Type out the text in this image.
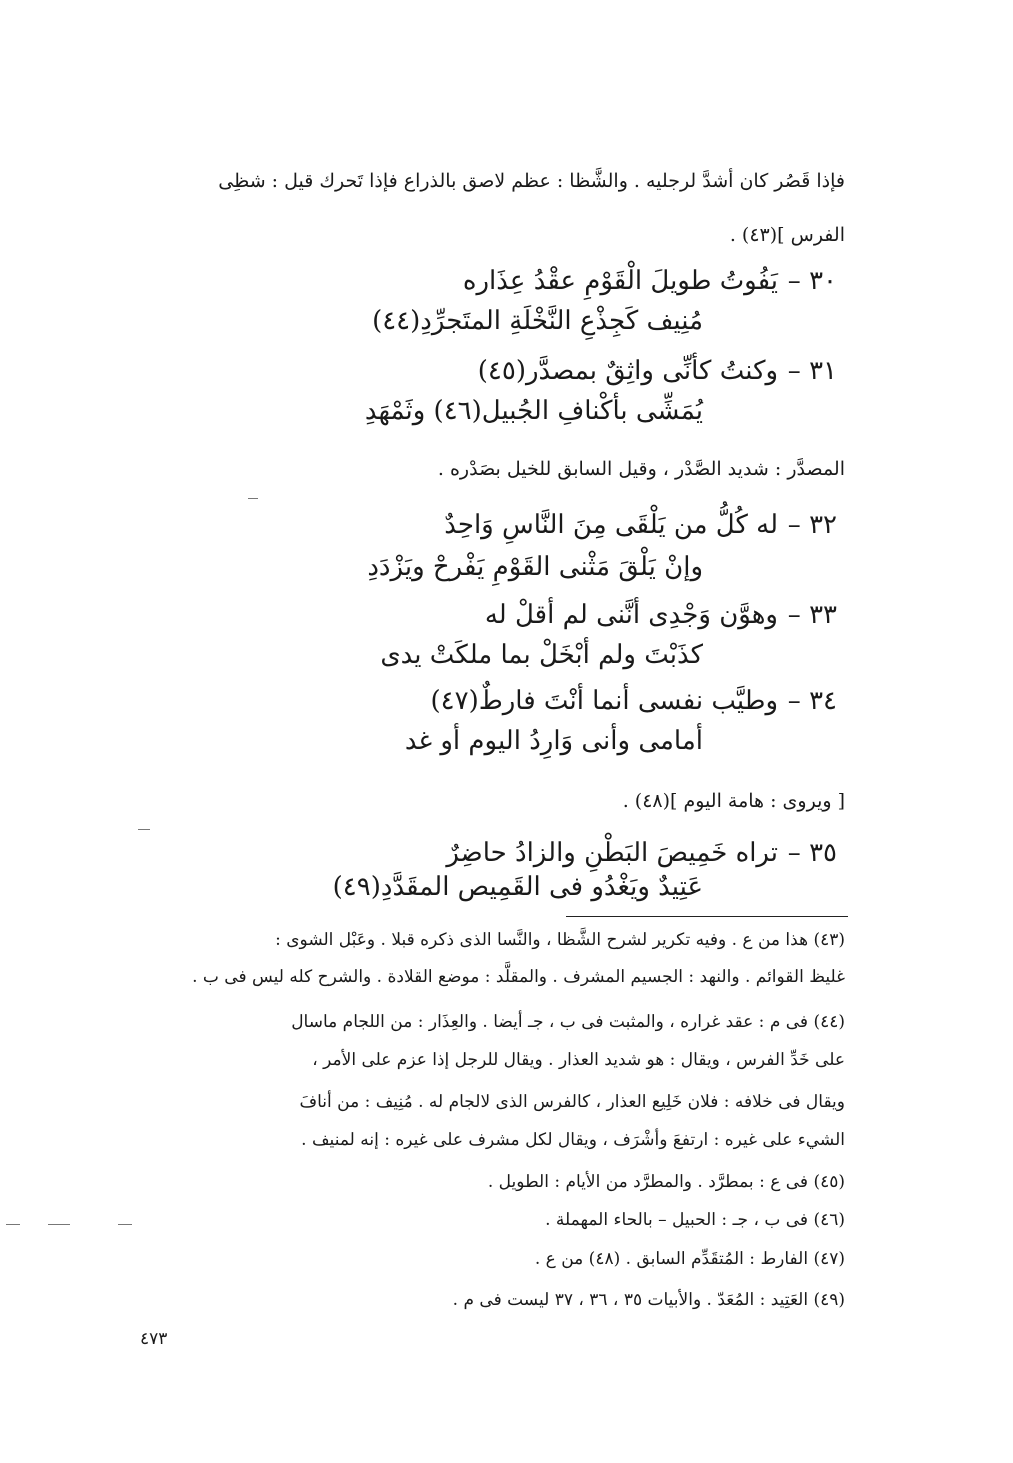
فإذا قَصُر كان أشدَّ لرجليه . والشَّظا : عظم لاصق بالذراع فإذا تَحرك قيل : شظِى
الفرس ](٤٣) .
٣٠ –
يَفُوتُ طويلَ الْقَوْمِ عقْدُ عِذَاره
مُنِيف كَجِذْعِ النَّخْلَةِ المتَجرِّدِ(٤٤)
٣١ –
وكنتُ كأنِّى واثِقٌ بمصدَّر(٤٥)
يُمَشِّى بأكْنافِ الجُبيل(٤٦) وثَمْهَدِ
المصدَّر : شديد الصَّدْر ، وقيل السابق للخيل بصَدْره .
٣٢ –
له كُلُّ من يَلْقَى مِنَ النَّاسِ وَاحِدٌ
وإنْ يَلْقَ مَثْنى القَوْمِ يَفْرحْ ويَزْدَدِ
٣٣ –
وهوَّن وَجْدِى أنَّنى لم أقلْ له
كذَبْتَ ولم أبْخَلْ بما ملكَتْ يدى
٣٤ –
وطيَّب نفسى أنما أنْتَ فارطٌ(٤٧)
أمامى وأنى وَارِدُ اليوم أو غد
[ ويروى : هامة اليوم ](٤٨) .
٣٥ –
تراه خَمِيصَ البَطْنِ والزادُ حاضِرٌ
عَتِيدٌ ويَغْدُو فى القَمِيص المقَدَّدِ(٤٩)
(٤٣) هذا من ع . وفيه تكرير لشرح الشَّظا ، والنَّسا الذى ذكره قبلا . وعَبْل الشوى :
غليظ القوائم . والنهد : الجسيم المشرف . والمقلَّد : موضع القلادة . والشرح كله ليس فى ب .
(٤٤) فى م : عقد غراره ، والمثبت فى ب ، جـ أيضا . والعِذَار : من اللجام ماسال
على خَدِّ الفرس ، ويقال : هو شديد العذار . ويقال للرجل إذا عزم على الأمر ،
ويقال فى خلافه : فلان خَلِيع العذار ، كالفرس الذى لالجام له . مُنِيف : من أنافَ
الشيء على غيره : ارتفعَ وأشْرَف ، ويقال لكل مشرف على غيره : إنه لمنيف .
(٤٥) فى ع : بمطرَّد . والمطرَّد من الأيام : الطويل .
(٤٦) فى ب ، جـ : الحبيل – بالحاء المهملة .
(٤٧) الفارط : المُتقَدِّم السابق . (٤٨) من ع .
(٤٩) العَتِيد : المُعَدّ . والأبيات ٣٥ ، ٣٦ ، ٣٧ ليست فى م .
٤٧٣
